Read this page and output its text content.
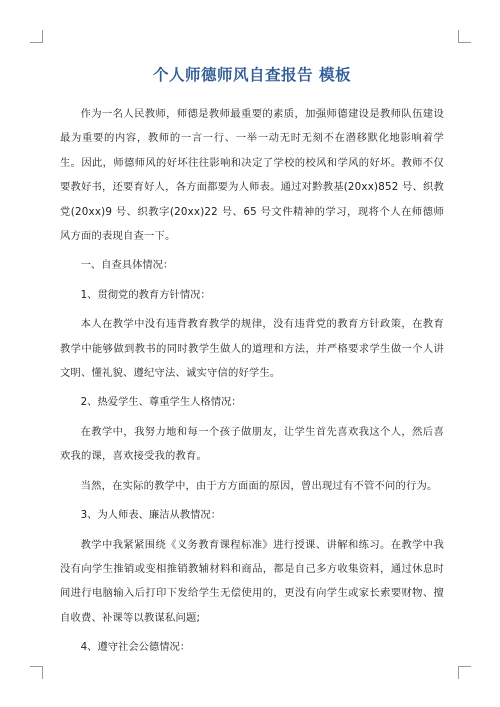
个人师德师风自查报告 模板

作为一名人民教师，师德是教师最重要的素质，加强师德建设是教师队伍建设最为重要的内容，教师的一言一行、一举一动无时无刻不在潜移默化地影响着学生。因此，师德师风的好坏往往影响和决定了学校的校风和学风的好坏。教师不仅要教好书，还要育好人，各方面都要为人师表。通过对黔教基(20xx)852 号、织教党(20xx)9 号、织教字(20xx)22 号、65 号文件精神的学习，现将个人在师德师风方面的表现自查一下。

一、自查具体情况：

1、贯彻党的教育方针情况：

本人在教学中没有违背教育教学的规律，没有违背党的教育方针政策，在教育教学中能够做到教书的同时教学生做人的道理和方法，并严格要求学生做一个人讲文明、懂礼貌、遵纪守法、诚实守信的好学生。

2、热爱学生、尊重学生人格情况：

在教学中，我努力地和每一个孩子做朋友，让学生首先喜欢我这个人，然后喜欢我的课，喜欢接受我的教育。

当然，在实际的教学中，由于方方面面的原因，曾出现过有不管不问的行为。

3、为人师表、廉洁从教情况：

教学中我紧紧围绕《义务教育课程标准》进行授课、讲解和练习。在教学中我没有向学生推销或变相推销教辅材料和商品，都是自己多方收集资料，通过休息时间进行电脑输入后打印下发给学生无偿使用的，更没有向学生或家长索要财物、擅自收费、补课等以教谋私问题;

4、遵守社会公德情况：
